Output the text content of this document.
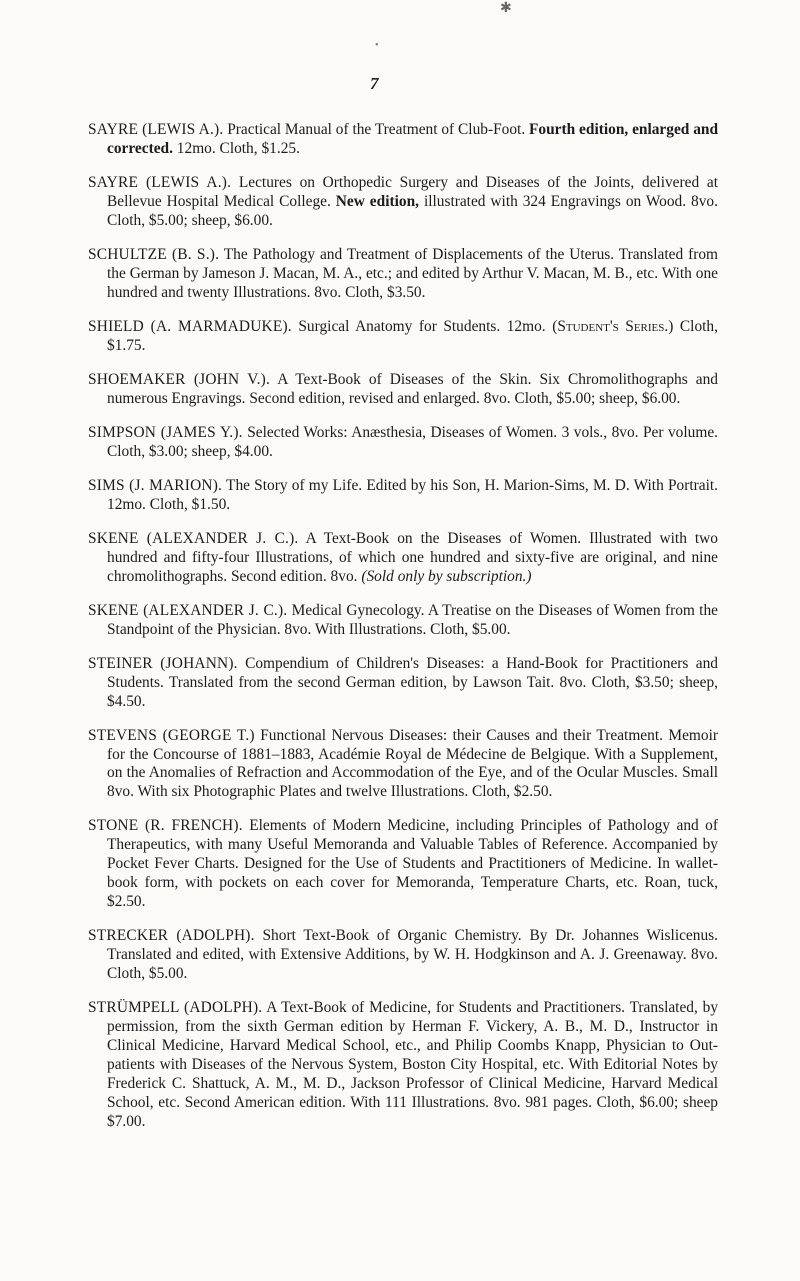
✱
•
7

SAYRE (LEWIS A.). Practical Manual of the Treatment of Club-Foot. Fourth edition, enlarged and corrected. 12mo. Cloth, $1.25.

SAYRE (LEWIS A.). Lectures on Orthopedic Surgery and Diseases of the Joints, delivered at Bellevue Hospital Medical College. New edition, illustrated with 324 Engravings on Wood. 8vo. Cloth, $5.00; sheep, $6.00.

SCHULTZE (B. S.). The Pathology and Treatment of Displacements of the Uterus. Translated from the German by Jameson J. Macan, M. A., etc.; and edited by Arthur V. Macan, M. B., etc. With one hundred and twenty Illustrations. 8vo. Cloth, $3.50.

SHIELD (A. MARMADUKE). Surgical Anatomy for Students. 12mo. (Student's Series.) Cloth, $1.75.

SHOEMAKER (JOHN V.). A Text-Book of Diseases of the Skin. Six Chromolithographs and numerous Engravings. Second edition, revised and enlarged. 8vo. Cloth, $5.00; sheep, $6.00.

SIMPSON (JAMES Y.). Selected Works: Anæsthesia, Diseases of Women. 3 vols., 8vo. Per volume. Cloth, $3.00; sheep, $4.00.

SIMS (J. MARION). The Story of my Life. Edited by his Son, H. Marion-Sims, M. D. With Portrait. 12mo. Cloth, $1.50.

SKENE (ALEXANDER J. C.). A Text-Book on the Diseases of Women. Illustrated with two hundred and fifty-four Illustrations, of which one hundred and sixty-five are original, and nine chromolithographs. Second edition. 8vo. (Sold only by subscription.)

SKENE (ALEXANDER J. C.). Medical Gynecology. A Treatise on the Diseases of Women from the Standpoint of the Physician. 8vo. With Illustrations. Cloth, $5.00.

STEINER (JOHANN). Compendium of Children's Diseases: a Hand-Book for Practitioners and Students. Translated from the second German edition, by Lawson Tait. 8vo. Cloth, $3.50; sheep, $4.50.

STEVENS (GEORGE T.) Functional Nervous Diseases: their Causes and their Treatment. Memoir for the Concourse of 1881–1883, Académie Royal de Médecine de Belgique. With a Supplement, on the Anomalies of Refraction and Accommodation of the Eye, and of the Ocular Muscles. Small 8vo. With six Photographic Plates and twelve Illustrations. Cloth, $2.50.

STONE (R. FRENCH). Elements of Modern Medicine, including Principles of Pathology and of Therapeutics, with many Useful Memoranda and Valuable Tables of Reference. Accompanied by Pocket Fever Charts. Designed for the Use of Students and Practitioners of Medicine. In wallet-book form, with pockets on each cover for Memoranda, Temperature Charts, etc. Roan, tuck, $2.50.

STRECKER (ADOLPH). Short Text-Book of Organic Chemistry. By Dr. Johannes Wislicenus. Translated and edited, with Extensive Additions, by W. H. Hodgkinson and A. J. Greenaway. 8vo. Cloth, $5.00.

STRÜMPELL (ADOLPH). A Text-Book of Medicine, for Students and Practitioners. Translated, by permission, from the sixth German edition by Herman F. Vickery, A. B., M. D., Instructor in Clinical Medicine, Harvard Medical School, etc., and Philip Coombs Knapp, Physician to Out-patients with Diseases of the Nervous System, Boston City Hospital, etc. With Editorial Notes by Frederick C. Shattuck, A. M., M. D., Jackson Professor of Clinical Medicine, Harvard Medical School, etc. Second American edition. With 111 Illustrations. 8vo. 981 pages. Cloth, $6.00; sheep $7.00.
